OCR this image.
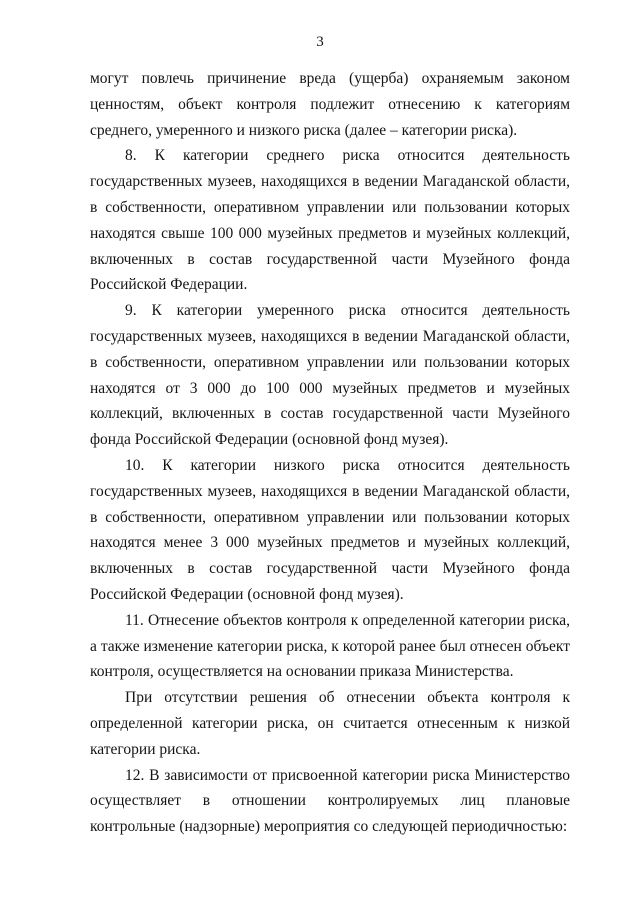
3

могут повлечь причинение вреда (ущерба) охраняемым законом ценностям, объект контроля подлежит отнесению к категориям среднего, умеренного и низкого риска (далее – категории риска).

8. К категории среднего риска относится деятельность государственных музеев, находящихся в ведении Магаданской области, в собственности, оперативном управлении или пользовании которых находятся свыше 100 000 музейных предметов и музейных коллекций, включенных в состав государственной части Музейного фонда Российской Федерации.

9. К категории умеренного риска относится деятельность государственных музеев, находящихся в ведении Магаданской области, в собственности, оперативном управлении или пользовании которых находятся от 3 000 до 100 000 музейных предметов и музейных коллекций, включенных в состав государственной части Музейного фонда Российской Федерации (основной фонд музея).

10. К категории низкого риска относится деятельность государственных музеев, находящихся в ведении Магаданской области, в собственности, оперативном управлении или пользовании которых находятся менее 3 000 музейных предметов и музейных коллекций, включенных в состав государственной части Музейного фонда Российской Федерации (основной фонд музея).

11. Отнесение объектов контроля к определенной категории риска, а также изменение категории риска, к которой ранее был отнесен объект контроля, осуществляется на основании приказа Министерства.

При отсутствии решения об отнесении объекта контроля к определенной категории риска, он считается отнесенным к низкой категории риска.

12. В зависимости от присвоенной категории риска Министерство осуществляет в отношении контролируемых лиц плановые контрольные (надзорные) мероприятия со следующей периодичностью:
